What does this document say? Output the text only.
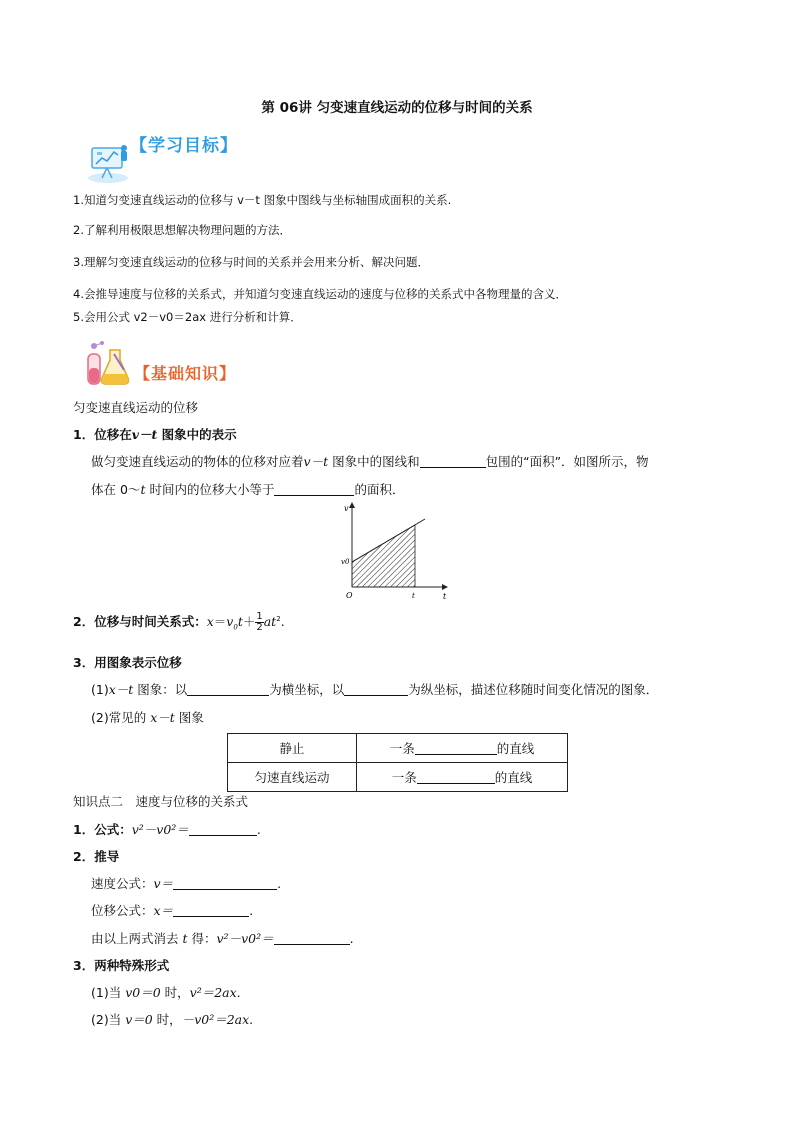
第 06讲 匀变速直线运动的位移与时间的关系
【学习目标】
1.知道匀变速直线运动的位移与 v－t 图象中图线与坐标轴围成面积的关系.
2.了解利用极限思想解决物理问题的方法．
3.理解匀变速直线运动的位移与时间的关系并会用来分析、解决问题．
4.会推导速度与位移的关系式，并知道匀变速直线运动的速度与位移的关系式中各物理量的含义．
5.会用公式 v2－v0＝2ax 进行分析和计算．
【基础知识】
匀变速直线运动的位移
1．位移在v－t 图象中的表示
做匀变速直线运动的物体的位移对应着v－t 图象中的图线和	包围的“面积”．如图所示，物
体在 0～t 时间内的位移大小等于	的面积．
v
t
O	t
v0
2．位移与时间关系式：$x=v_0t+ \frac{1}{2} at^2$.
3．用图象表示位移
(1)x－t 图象：以	为横坐标，以	为纵坐标，描述位移随时间变化情况的图象．
(2)常见的 x－t 图象
静止	一条 的直线
匀速直线运动	一条 的直线
知识点二　速度与位移的关系式
1．公式：v²－v0²＝	.
2．推导
速度公式：v＝	.
位移公式：x＝	.
由以上两式消去 t 得：v²－v0²＝	.
3．两种特殊形式
(1)当 v0＝0 时，v²＝2ax.
(2)当 v＝0 时，－v0²＝2ax.
